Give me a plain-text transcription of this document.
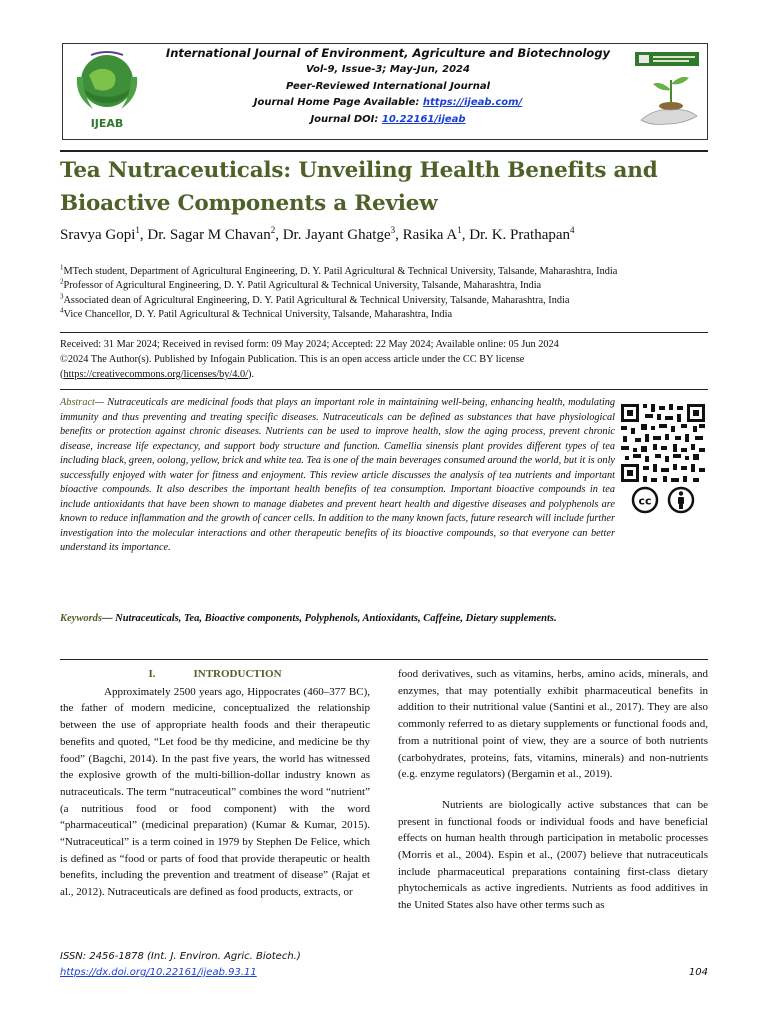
IJEAB
International Journal of Environment, Agriculture and Biotechnology
Vol-9, Issue-3; May-Jun, 2024
Peer-Reviewed International Journal
Journal Home Page Available: https://ijeab.com/
Journal DOI: 10.22161/ijeab
Tea Nutraceuticals: Unveiling Health Benefits and
Bioactive Components a Review
Sravya Gopi$^1$, Dr. Sagar M Chavan$^2$, Dr. Jayant Ghatge$^3$, Rasika $A^1$, Dr. K. Prathapan$^4$
$^1$MTech student, Department of Agricultural Engineering, D. Y. Patil Agricultural & Technical University, Talsande, Maharashtra, India
$^2$Professor of Agricultural Engineering, D. Y. Patil Agricultural & Technical University, Talsande, Maharashtra, India
$^3$Associated dean of Agricultural Engineering, D. Y. Patil Agricultural & Technical University, Talsande, Maharashtra, India
$^4$Vice Chancellor, D. Y. Patil Agricultural & Technical University, Talsande, Maharashtra, India
Received: 31 Mar 2024; Received in revised form: 09 May 2024; Accepted: 22 May 2024; Available online: 05 Jun 2024
©2024 The Author(s). Published by Infogain Publication. This is an open access article under the CC BY license
(https://creativecommons.org/licenses/by/4.0/).
Abstract— Nutraceuticals are medicinal foods that plays an important role in maintaining well-being, enhancing health, modulating immunity and thus preventing and treating specific diseases. Nutraceuticals can be defined as substances that have physiological benefits or protection against chronic diseases. Nutrients can be used to improve health, slow the aging process, prevent chronic disease, increase life expectancy, and support body structure and function. Camellia sinensis plant provides different types of tea including black, green, oolong, yellow, brick and white tea. Tea is one of the main beverages consumed around the world, but it is only successfully enjoyed with water for fitness and enjoyment. This review article discusses the analysis of tea nutrients and important bioactive compounds. It also describes the important health benefits of tea consumption. Important bioactive compounds in tea include antioxidants that have been shown to manage diabetes and prevent heart health and digestive diseases and polyphenols are known to reduce inflammation and the growth of cancer cells. In addition to the many known facts, future research will include further investigation into the molecular interactions and other therapeutic benefits of its bioactive compounds, so that everyone can better understand its importance.
Keywords— Nutraceuticals, Tea, Bioactive components, Polyphenols, Antioxidants, Caffeine, Dietary supplements.
cc
I.	INTRODUCTION

Approximately 2500 years ago, Hippocrates (460–377 BC), the father of modern medicine, conceptualized the relationship between the use of appropriate health foods and their therapeutic benefits and quoted, “Let food be thy medicine, and medicine be thy food” (Bagchi, 2014). In the past five years, the world has witnessed the explosive growth of the multi-billion-dollar industry known as nutraceuticals. The term “nutraceutical” combines the word “nutrient” (a nutritious food or food component) with the word “pharmaceutical” (medicinal preparation) (Kumar & Kumar, 2015). “Nutraceutical” is a term coined in 1979 by Stephen De Felice, which is defined as “food or parts of food that provide therapeutic or health benefits, including the prevention and treatment of disease” (Rajat et al., 2012). Nutraceuticals are defined as food products, extracts, or

food derivatives, such as vitamins, herbs, amino acids, minerals, and enzymes, that may potentially exhibit pharmaceutical benefits in addition to their nutritional value (Santini et al., 2017). They are also commonly referred to as dietary supplements or functional foods and, from a nutritional point of view, they are a source of both nutrients (carbohydrates, proteins, fats, vitamins, minerals) and non-nutrients (e.g. enzyme regulators) (Bergamin et al., 2019).

Nutrients are biologically active substances that can be present in functional foods or individual foods and have beneficial effects on human health through participation in metabolic processes (Morris et al., 2004). Espin et al., (2007) believe that nutraceuticals include pharmaceutical preparations containing first-class dietary phytochemicals as active ingredients. Nutrients as food additives in the United States also have other terms such as

ISSN: 2456-1878 (Int. J. Environ. Agric. Biotech.)
https://dx.doi.org/10.22161/ijeab.93.11	104
